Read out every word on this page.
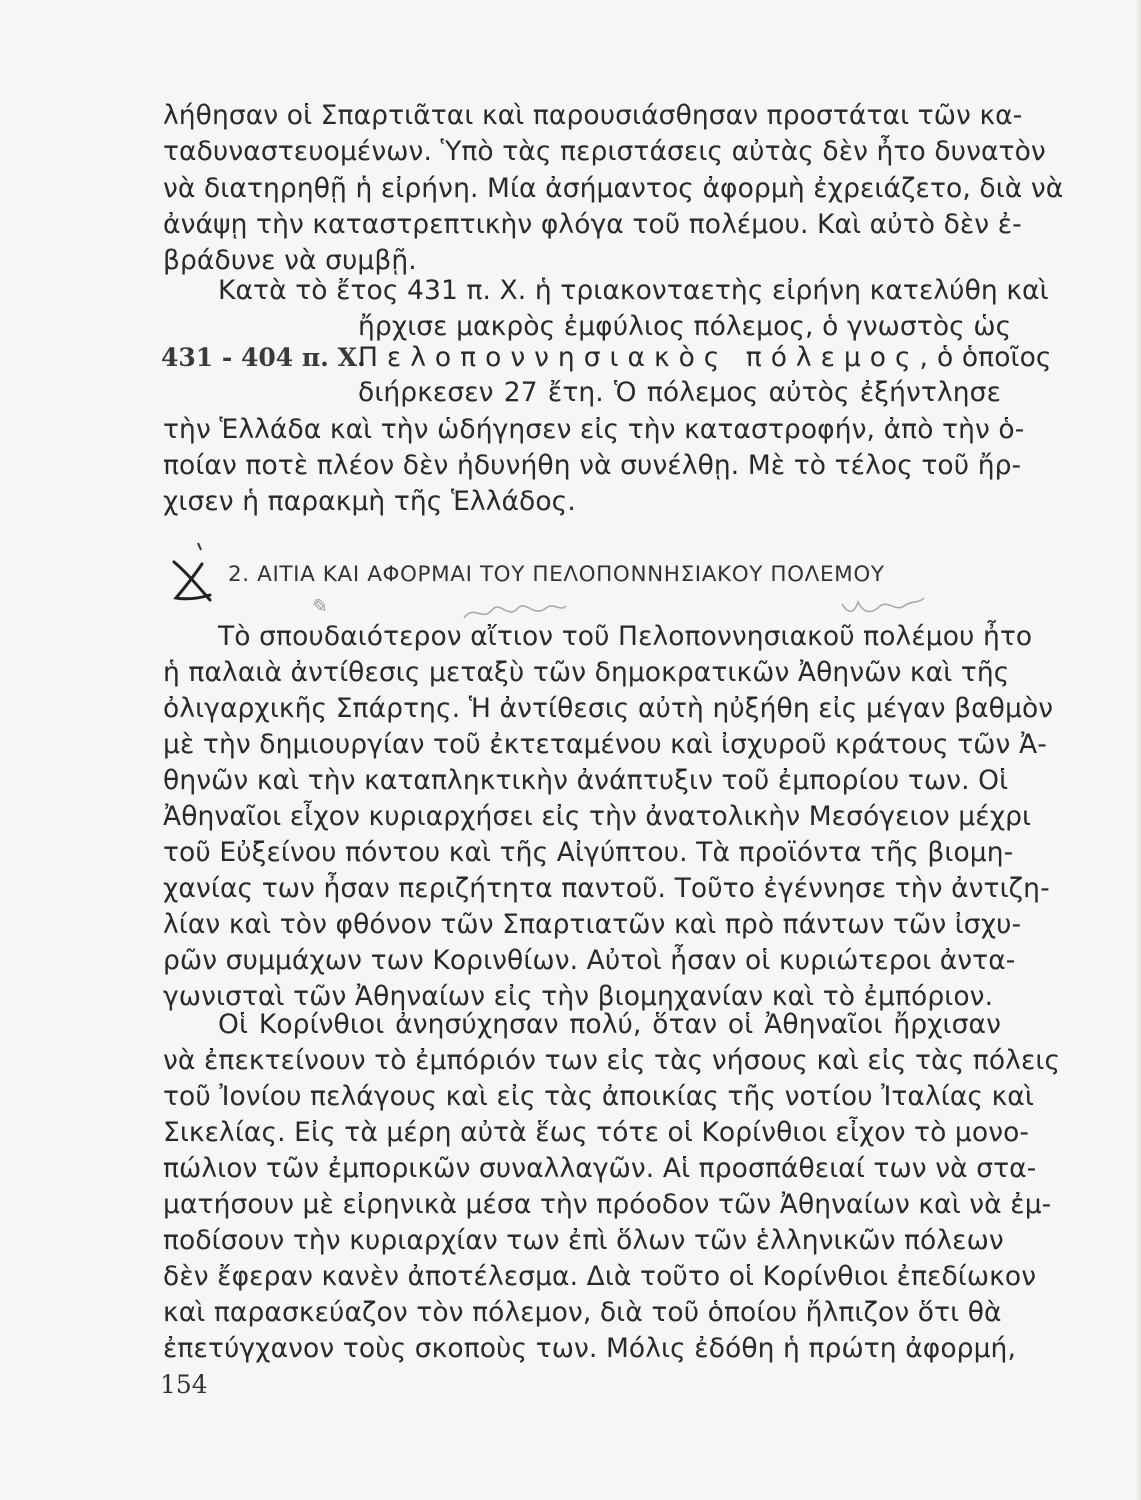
λήθησαν οἱ Σπαρτιᾶται καὶ παρουσιάσθησαν προστάται τῶν κα-
ταδυναστευομένων. Ὑπὸ τὰς περιστάσεις αὐτὰς δὲν ἦτο δυνατὸν
νὰ διατηρηθῇ ἡ εἰρήνη. Μία ἀσήμαντος ἀφορμὴ ἐχρειάζετο, διὰ νὰ
ἀνάψῃ τὴν καταστρεπτικὴν φλόγα τοῦ πολέμου. Καὶ αὐτὸ δὲν ἐ-
βράδυνε νὰ συμβῇ.
Κατὰ τὸ ἔτος 431 π. Χ. ἡ τριακονταετὴς εἰρήνη κατελύθη καὶ
ἤρχισε μακρὸς ἐμφύλιος πόλεμος, ὁ γνωστὸς ὡς
431 - 404 π. Χ.
Πελοποννησιακὸς πόλεμος,ὁ ὁποῖος
διήρκεσεν 27 ἔτη. Ὁ πόλεμος αὐτὸς ἐξήντλησε
τὴν Ἑλλάδα καὶ τὴν ὡδήγησεν εἰς τὴν καταστροφήν, ἀπὸ τὴν ὁ-
ποίαν ποτὲ πλέον δὲν ἠδυνήθη νὰ συνέλθῃ. Μὲ τὸ τέλος τοῦ ἤρ-
χισεν ἡ παρακμὴ τῆς Ἑλλάδος.
2. ΑΙΤΙΑ ΚΑΙ ΑΦΟΡΜΑΙ ΤΟΥ ΠΕΛΟΠΟΝΝΗΣΙΑΚΟΥ ΠΟΛΕΜΟΥ
✎
Τὸ σπουδαιότερον αἴτιον τοῦ Πελοποννησιακοῦ πολέμου ἦτο
ἡ παλαιὰ ἀντίθεσις μεταξὺ τῶν δημοκρατικῶν Ἀθηνῶν καὶ τῆς
ὀλιγαρχικῆς Σπάρτης. Ἡ ἀντίθεσις αὐτὴ ηὐξήθη εἰς μέγαν βαθμὸν
μὲ τὴν δημιουργίαν τοῦ ἐκτεταμένου καὶ ἰσχυροῦ κράτους τῶν Ἀ-
θηνῶν καὶ τὴν καταπληκτικὴν ἀνάπτυξιν τοῦ ἐμπορίου των. Οἱ
Ἀθηναῖοι εἶχον κυριαρχήσει εἰς τὴν ἀνατολικὴν Μεσόγειον μέχρι
τοῦ Εὐξείνου πόντου καὶ τῆς Αἰγύπτου. Τὰ προϊόντα τῆς βιομη-
χανίας των ἦσαν περιζήτητα παντοῦ. Τοῦτο ἐγέννησε τὴν ἀντιζη-
λίαν καὶ τὸν φθόνον τῶν Σπαρτιατῶν καὶ πρὸ πάντων τῶν ἰσχυ-
ρῶν συμμάχων των Κορινθίων. Αὐτοὶ ἦσαν οἱ κυριώτεροι ἀντα-
γωνισταὶ τῶν Ἀθηναίων εἰς τὴν βιομηχανίαν καὶ τὸ ἐμπόριον.
Οἱ Κορίνθιοι ἀνησύχησαν πολύ, ὅταν οἱ Ἀθηναῖοι ἤρχισαν
νὰ ἐπεκτείνουν τὸ ἐμπόριόν των εἰς τὰς νήσους καὶ εἰς τὰς πόλεις
τοῦ Ἰονίου πελάγους καὶ εἰς τὰς ἀποικίας τῆς νοτίου Ἰταλίας καὶ
Σικελίας. Εἰς τὰ μέρη αὐτὰ ἕως τότε οἱ Κορίνθιοι εἶχον τὸ μονο-
πώλιον τῶν ἐμπορικῶν συναλλαγῶν. Αἱ προσπάθειαί των νὰ στα-
ματήσουν μὲ εἰρηνικὰ μέσα τὴν πρόοδον τῶν Ἀθηναίων καὶ νὰ ἐμ-
ποδίσουν τὴν κυριαρχίαν των ἐπὶ ὅλων τῶν ἑλληνικῶν πόλεων
δὲν ἔφεραν κανὲν ἀποτέλεσμα. Διὰ τοῦτο οἱ Κορίνθιοι ἐπεδίωκον
καὶ παρασκεύαζον τὸν πόλεμον, διὰ τοῦ ὁποίου ἤλπιζον ὅτι θὰ
ἐπετύγχανον τοὺς σκοποὺς των. Μόλις ἐδόθη ἡ πρώτη ἀφορμή,
154
